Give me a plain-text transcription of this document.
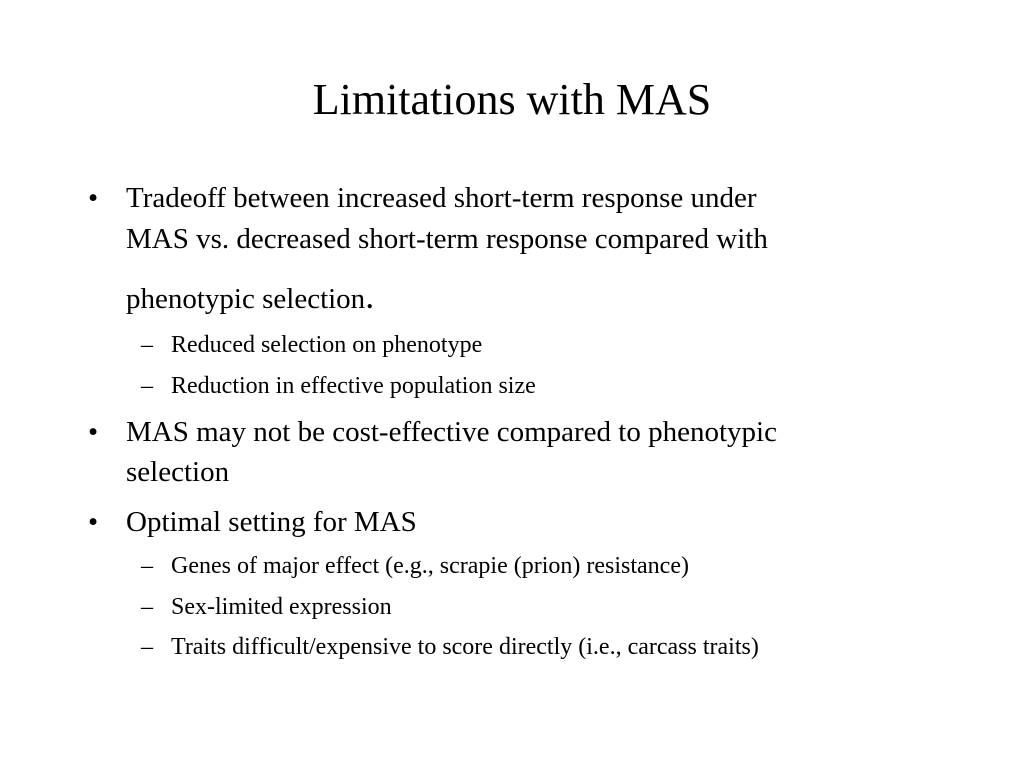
Limitations with MAS
• Tradeoff between increased short-term response under
MAS vs. decreased short-term response compared with
phenotypic selection.
– Reduced selection on phenotype
– Reduction in effective population size
• MAS may not be cost-effective compared to phenotypic
selection
• Optimal setting for MAS
– Genes of major effect (e.g., scrapie (prion) resistance)
– Sex-limited expression
– Traits difficult/expensive to score directly (i.e., carcass traits)
